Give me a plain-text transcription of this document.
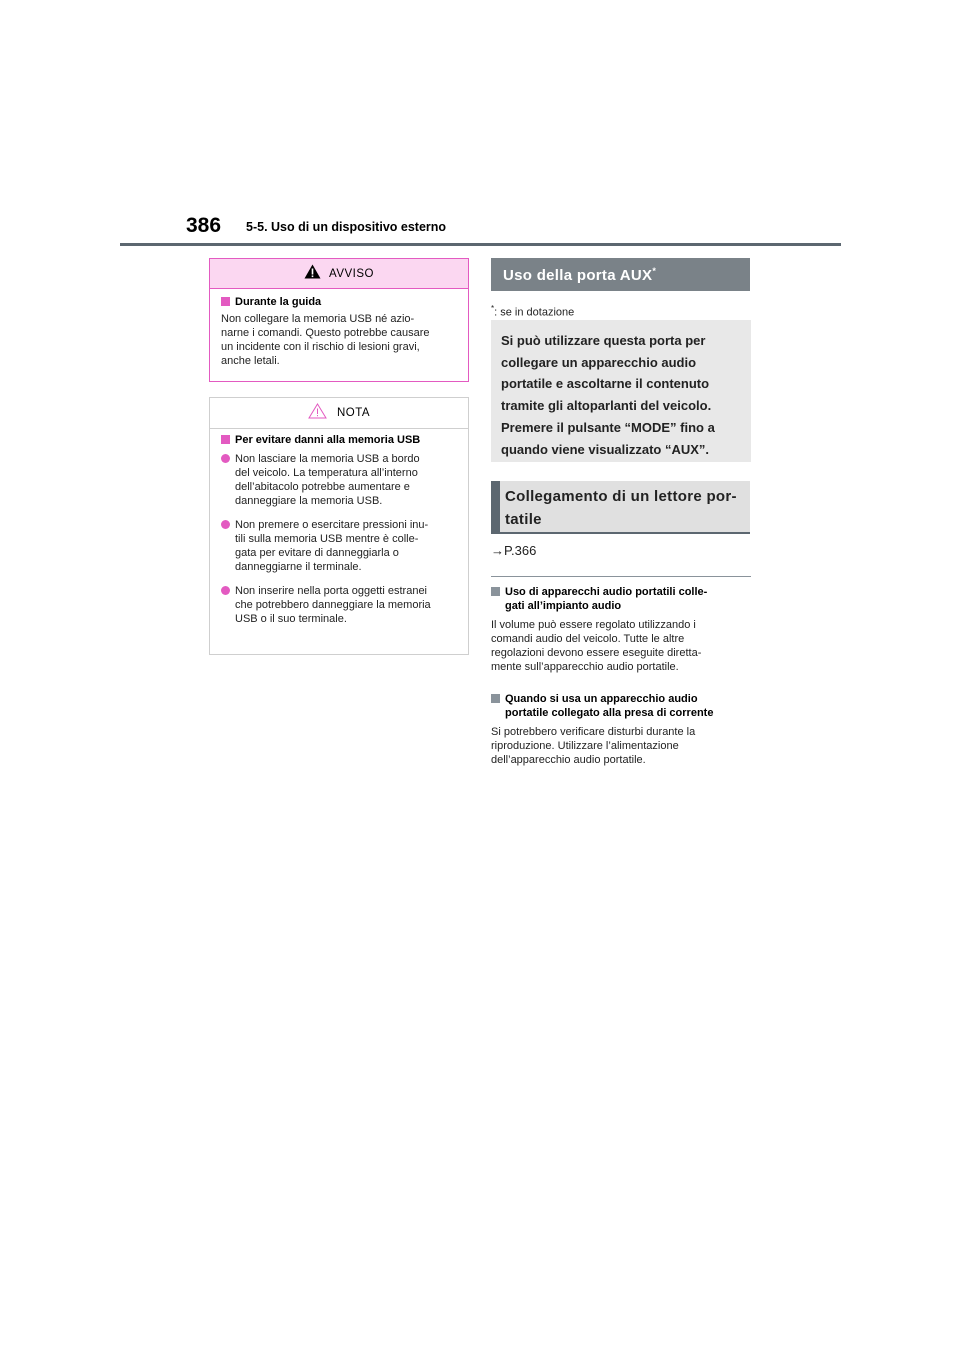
386 5-5. Uso di un dispositivo esterno
AVVISO
Durante la guida
Non collegare la memoria USB né azio-
narne i comandi. Questo potrebbe causare
un incidente con il rischio di lesioni gravi,
anche letali.
NOTA
Per evitare danni alla memoria USB
Non lasciare la memoria USB a bordo
del veicolo. La temperatura all’interno
dell’abitacolo potrebbe aumentare e
danneggiare la memoria USB.
Non premere o esercitare pressioni inu-
tili sulla memoria USB mentre è colle-
gata per evitare di danneggiarla o
danneggiarne il terminale.
Non inserire nella porta oggetti estranei
che potrebbero danneggiare la memoria
USB o il suo terminale.
Uso della porta AUX*
*: se in dotazione
Si può utilizzare questa porta per
collegare un apparecchio audio
portatile e ascoltarne il contenuto
tramite gli altoparlanti del veicolo.
Premere il pulsante “MODE” fino a
quando viene visualizzato “AUX”.
Collegamento di un lettore por-
tatile
→P.366
Uso di apparecchi audio portatili colle-
gati all’impianto audio
Il volume può essere regolato utilizzando i
comandi audio del veicolo. Tutte le altre
regolazioni devono essere eseguite diretta-
mente sull’apparecchio audio portatile.
Quando si usa un apparecchio audio
portatile collegato alla presa di corrente
Si potrebbero verificare disturbi durante la
riproduzione. Utilizzare l’alimentazione
dell’apparecchio audio portatile.
